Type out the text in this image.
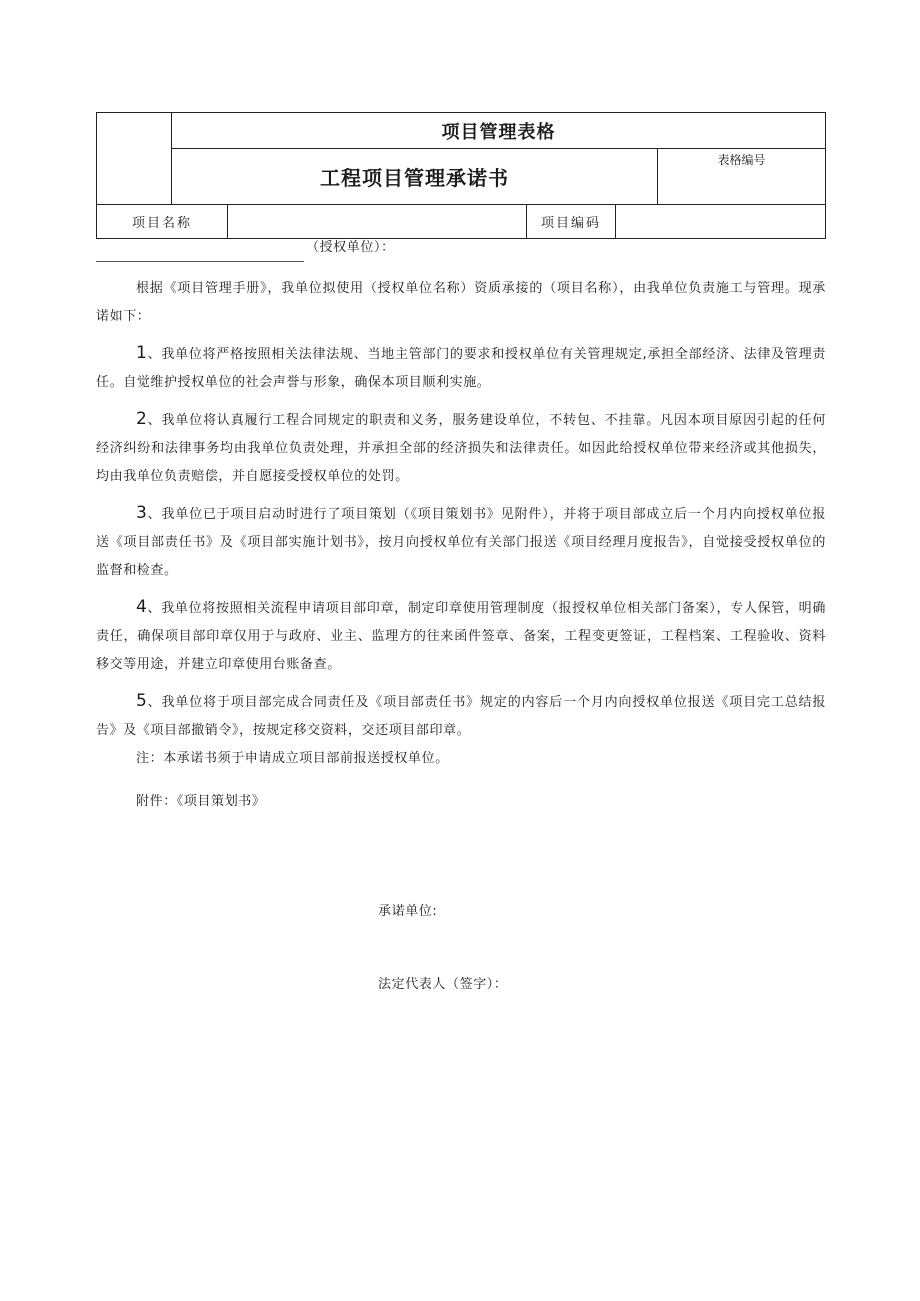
	项目管理表格	
	工程项目管理承诺书	表格编号
项目名称		项目编码	
（授权单位）：

根据《项目管理手册》，我单位拟使用（授权单位名称）资质承接的（项目名称），由我单位负责施工与管理。现承诺如下：

1、我单位将严格按照相关法律法规、当地主管部门的要求和授权单位有关管理规定,承担全部经济、法律及管理责任。自觉维护授权单位的社会声誉与形象，确保本项目顺利实施。

2、我单位将认真履行工程合同规定的职责和义务，服务建设单位，不转包、不挂靠。凡因本项目原因引起的任何经济纠纷和法律事务均由我单位负责处理，并承担全部的经济损失和法律责任。如因此给授权单位带来经济或其他损失，均由我单位负责赔偿，并自愿接受授权单位的处罚。

3、我单位已于项目启动时进行了项目策划（《项目策划书》见附件），并将于项目部成立后一个月内向授权单位报送《项目部责任书》及《项目部实施计划书》，按月向授权单位有关部门报送《项目经理月度报告》，自觉接受授权单位的监督和检查。

4、我单位将按照相关流程申请项目部印章，制定印章使用管理制度（报授权单位相关部门备案），专人保管，明确责任，确保项目部印章仅用于与政府、业主、监理方的往来函件签章、备案，工程变更签证，工程档案、工程验收、资料移交等用途，并建立印章使用台账备查。

5、我单位将于项目部完成合同责任及《项目部责任书》规定的内容后一个月内向授权单位报送《项目完工总结报告》及《项目部撤销令》，按规定移交资料，交还项目部印章。

注：本承诺书须于申请成立项目部前报送授权单位。

附件：《项目策划书》
承诺单位:
法定代表人（签字）：
